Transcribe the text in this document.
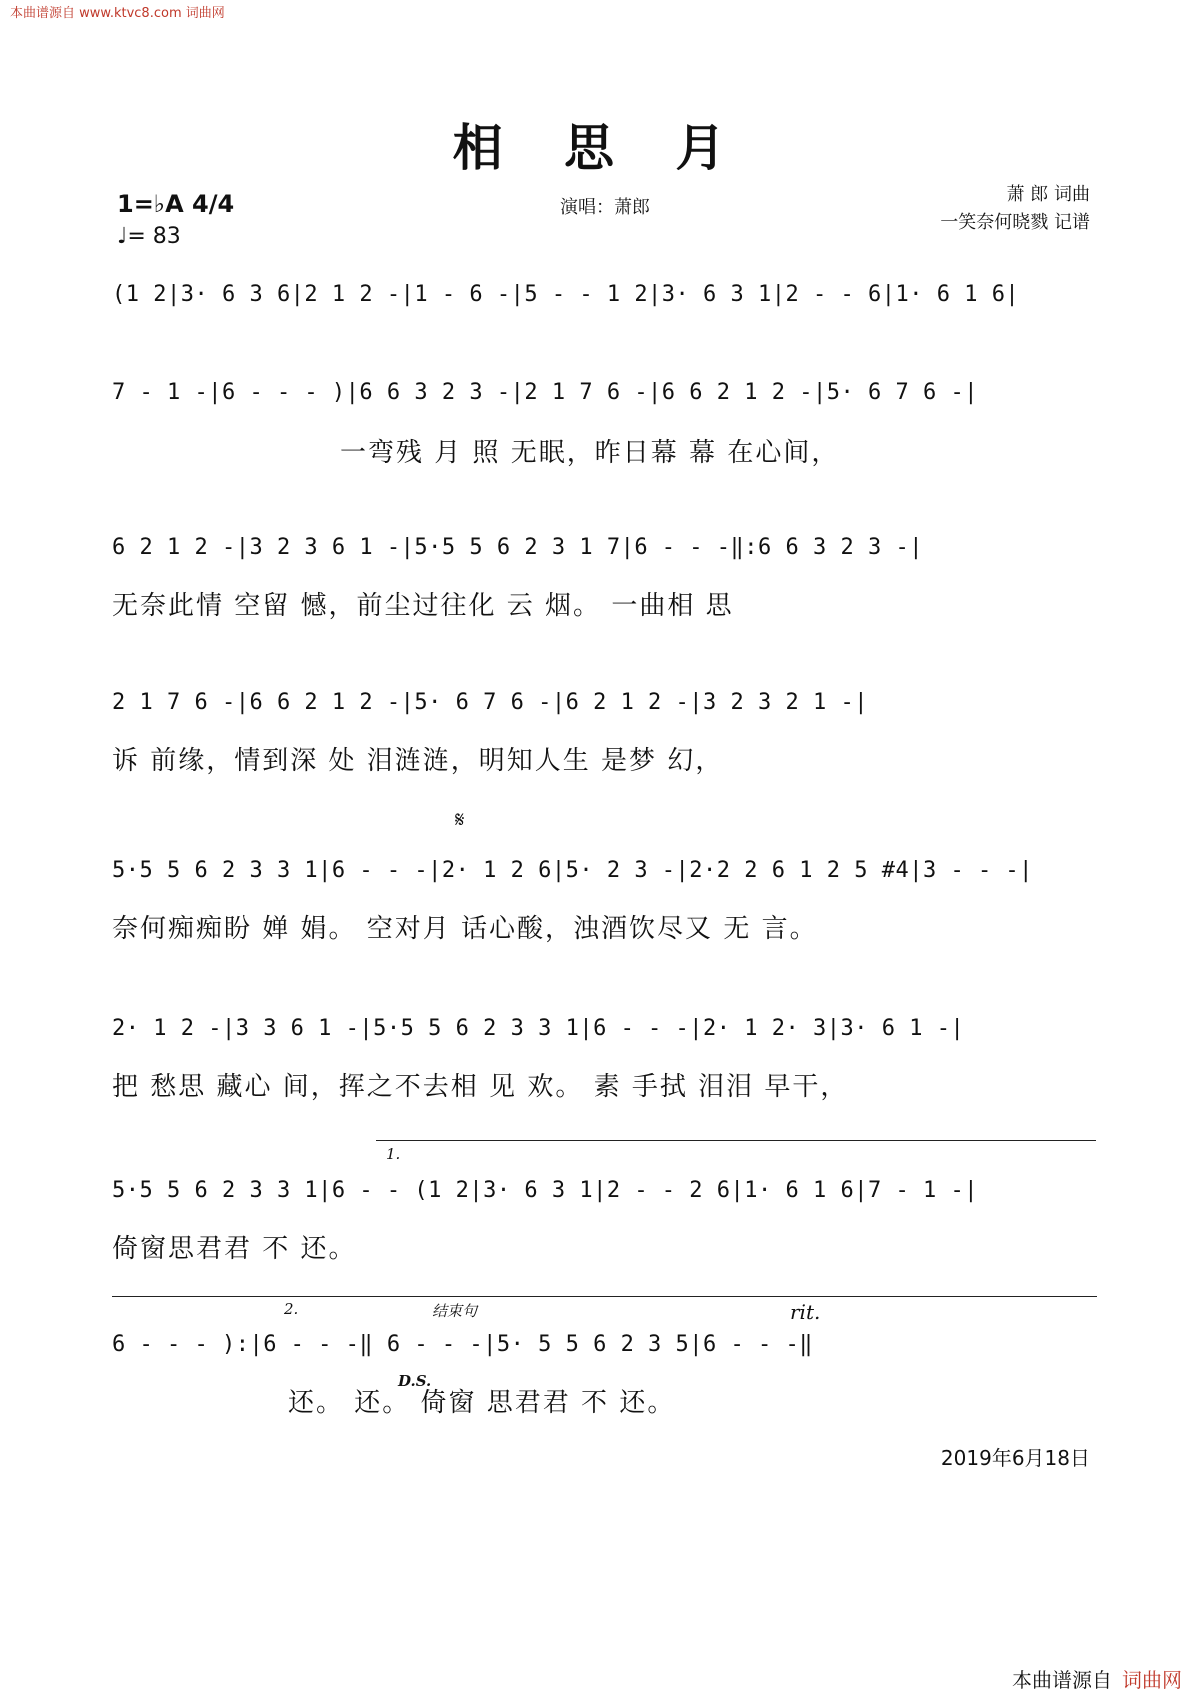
本曲谱源自 www.ktvc8.com 词曲网
相 思 月
1=♭A 4/4
♩= 83
演唱：萧郎
萧 郎 词曲
一笑奈何晓戮 记谱
(1 2|3· 6 3 6|2 1 2 -|1 - 6 -|5 - - 1 2|3· 6 3 1|2 - - 6|1· 6 1 6|
7 - 1 -|6 - - - )|6 6 3 2 3 -|2 1 7 6 -|6 6 2 1 2 -|5· 6 7 6 -|
一弯残 月 照 无眠，昨日幕 幕 在心间，
6 2 1 2 -|3 2 3 6 1 -|5·5 5 6 2 3 1 7|6 - - -‖:6 6 3 2 3 -|
无奈此情 空留 憾，前尘过往化 云 烟。 一曲相 思
2 1 7 6 -|6 6 2 1 2 -|5· 6 7 6 -|6 2 1 2 -|3 2 3 2 1 -|
诉 前缘，情到深 处 泪涟涟，明知人生 是梦 幻，
𝄋
5·5 5 6 2 3 3 1|6 - - -|2· 1 2 6|5· 2 3 -|2·2 2 6 1 2 5 #4|3 - - -|
奈何痴痴盼 婵 娟。 空对月 话心酸，浊酒饮尽又 无 言。
2· 1 2 -|3 3 6 1 -|5·5 5 6 2 3 3 1|6 - - -|2· 1 2· 3|3· 6 1 -|
把 愁思 藏心 间，挥之不去相 见 欢。 素 手拭 泪泪 早干，
1.
5·5 5 6 2 3 3 1|6 - - (1 2|3· 6 3 1|2 - - 2 6|1· 6 1 6|7 - 1 -|
倚窗思君君 不 还。
2.	结束句	rit.
6 - - - ):|6 - - -‖ 6 - - -|5· 5 5 6 2 3 5|6 - - -‖
D.S.
还。 还。 倚窗 思君君 不 还。
2019年6月18日
本曲谱源自 词曲网
